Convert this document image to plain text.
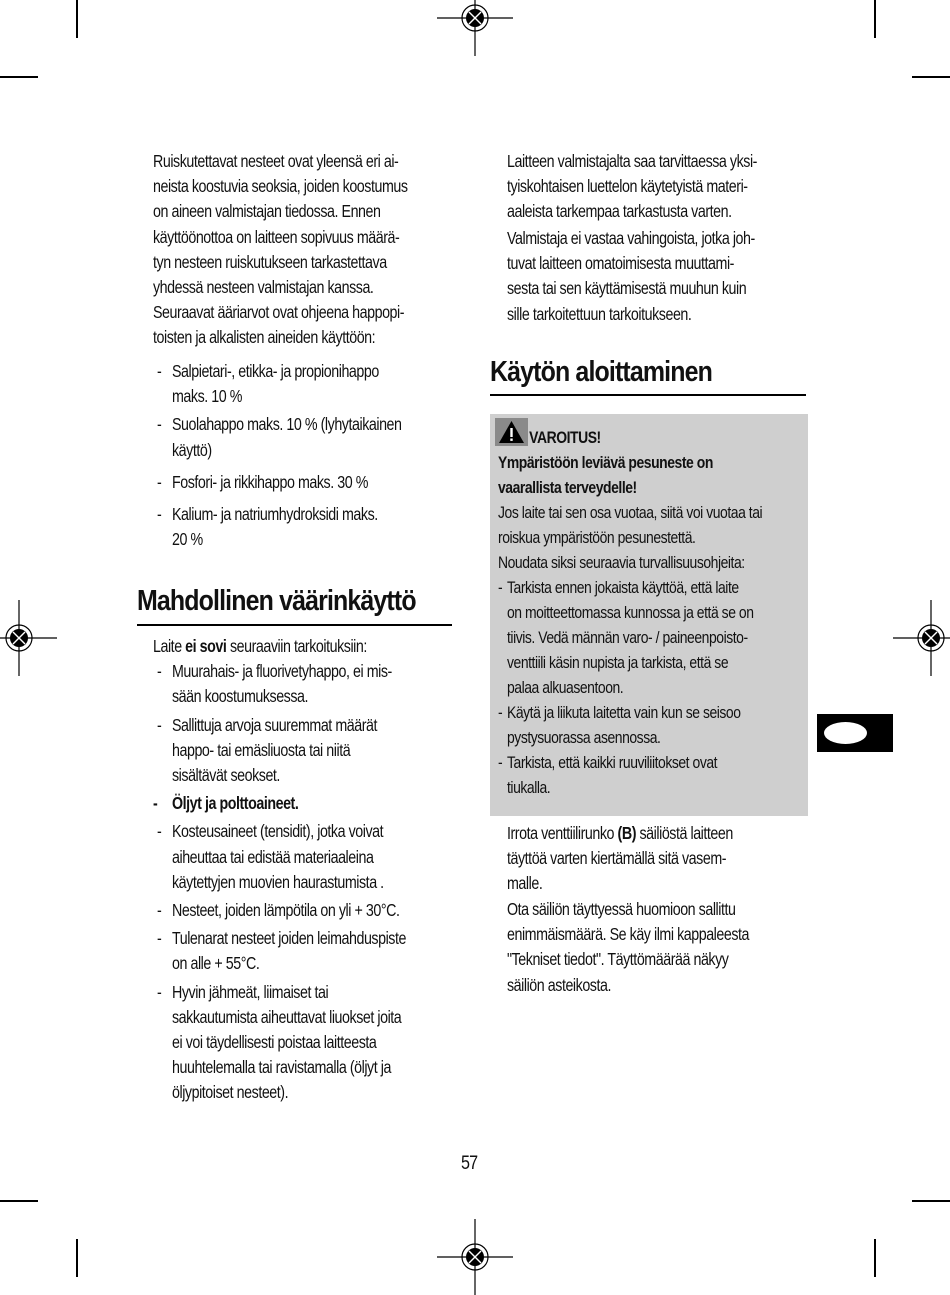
Ruiskutettavat nesteet ovat yleensä eri ai-
neista koostuvia seoksia, joiden koostumus
on aineen valmistajan tiedossa. Ennen
käyttöönottoa on laitteen sopivuus määrä-
tyn nesteen ruiskutukseen tarkastettava
yhdessä nesteen valmistajan kanssa.
Seuraavat ääriarvot ovat ohjeena happopi-
toisten ja alkalisten aineiden käyttöön:
- Salpietari-, etikka- ja propionihappo
maks. 10 %
- Suolahappo maks. 10 % (lyhytaikainen
käyttö)
- Fosfori- ja rikkihappo maks. 30 %
- Kalium- ja natriumhydroksidi maks.
20 %
Mahdollinen väärinkäyttö
Laite ei sovi seuraaviin tarkoituksiin:
- Muurahais- ja fluorivetyhappo, ei mis-
sään koostumuksessa.
- Sallittuja arvoja suuremmat määrät
happo- tai emäsliuosta tai niitä
sisältävät seokset.
- Öljyt ja polttoaineet.
- Kosteusaineet (tensidit), jotka voivat
aiheuttaa tai edistää materiaaleina
käytettyjen muovien haurastumista .
- Nesteet, joiden lämpötila on yli + 30°C.
- Tulenarat nesteet joiden leimahduspiste
on alle + 55°C.
- Hyvin jähmeät, liimaiset tai
sakkautumista aiheuttavat liuokset joita
ei voi täydellisesti poistaa laitteesta
huuhtelemalla tai ravistamalla (öljyt ja
öljypitoiset nesteet).
Laitteen valmistajalta saa tarvittaessa yksi-
tyiskohtaisen luettelon käytetyistä materi-
aaleista tarkempaa tarkastusta varten.
Valmistaja ei vastaa vahingoista, jotka joh-
tuvat laitteen omatoimisesta muuttami-
sesta tai sen käyttämisestä muuhun kuin
sille tarkoitettuun tarkoitukseen.
Käytön aloittaminen
VAROITUS!
Ympäristöön leviävä pesuneste on
vaarallista terveydelle!
Jos laite tai sen osa vuotaa, siitä voi vuotaa tai
roiskua ympäristöön pesunestettä.
Noudata siksi seuraavia turvallisuusohjeita:
- Tarkista ennen jokaista käyttöä, että laite
on moitteettomassa kunnossa ja että se on
tiivis. Vedä männän varo- / paineenpoisto-
venttiili käsin nupista ja tarkista, että se
palaa alkuasentoon.
- Käytä ja liikuta laitetta vain kun se seisoo
pystysuorassa asennossa.
- Tarkista, että kaikki ruuviliitokset ovat
tiukalla.
Irrota venttiilirunko (B) säiliöstä laitteen
täyttöä varten kiertämällä sitä vasem-
malle.
Ota säiliön täyttyessä huomioon sallittu
enimmäismäärä. Se käy ilmi kappaleesta
"Tekniset tiedot". Täyttömäärää näkyy
säiliön asteikosta.
57
